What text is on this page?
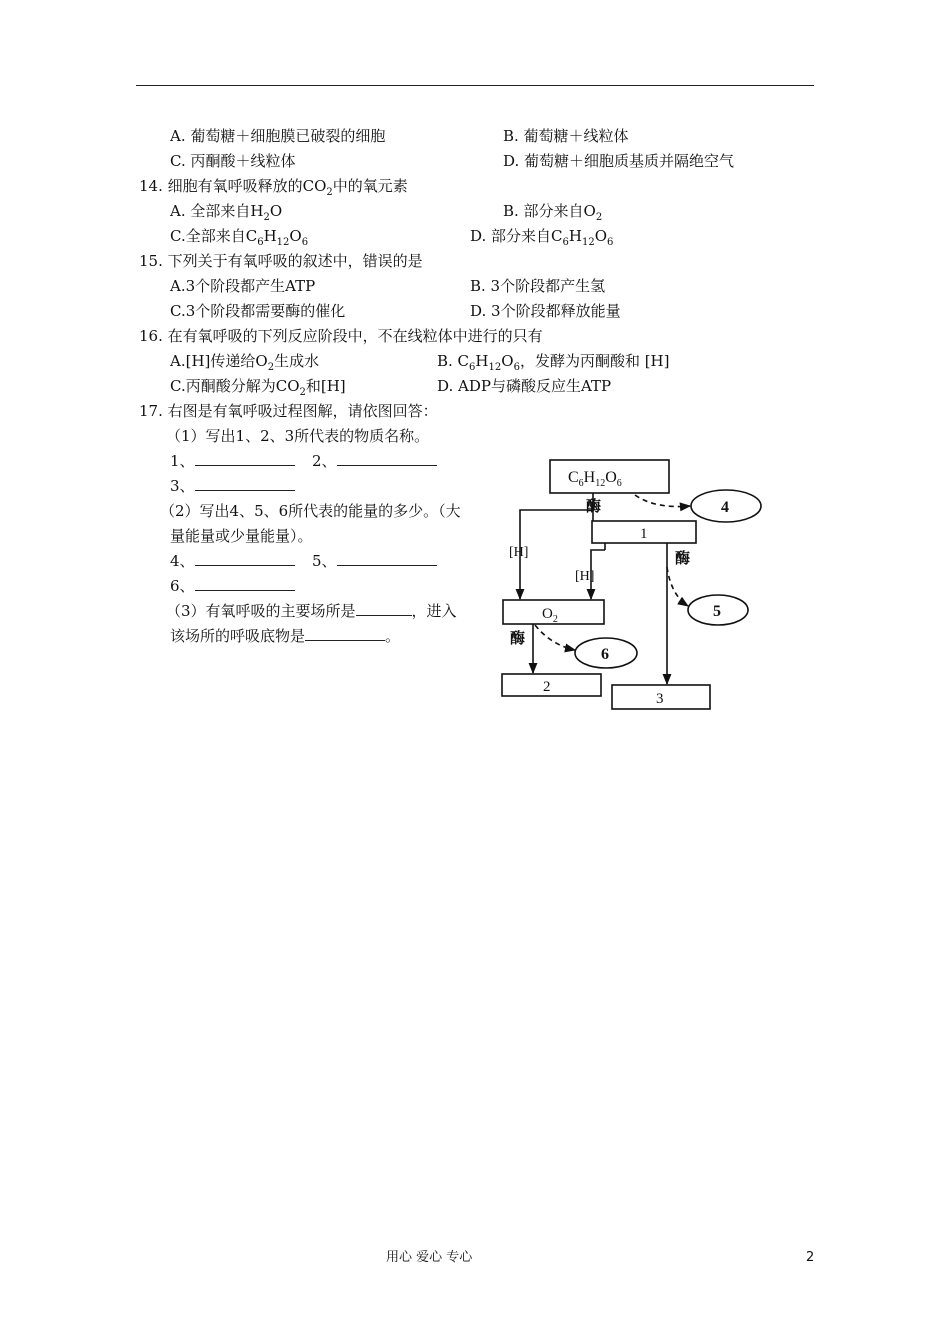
A. 葡萄糖＋细胞膜已破裂的细胞	B. 葡萄糖＋线粒体
C. 丙酮酸＋线粒体	D. 葡萄糖＋细胞质基质并隔绝空气
14. 细胞有氧呼吸释放的$CO_2$中的氧元素
A. 全部来自$H_2O$	B. 部分来自$O_2$
C.全部来自$C_6H_{12}O_6$	D. 部分来自$C_6H_{12}O_6$
15. 下列关于有氧呼吸的叙述中，错误的是
A.3个阶段都产生ATP	B. 3个阶段都产生氢
C.3个阶段都需要酶的催化	D. 3个阶段都释放能量
16. 在有氧呼吸的下列反应阶段中，不在线粒体中进行的只有
A.[H]传递给$O_2$生成水	B. $C_6H_{12}O_6$，发酵为丙酮酸和 [H]
C.丙酮酸分解为$CO_2$和[H]	D. ADP与磷酸反应生ATP
17. 右图是有氧呼吸过程图解，请依图回答：
（1）写出1、2、3所代表的物质名称。
1、	2、
3、
（2）写出4、5、6所代表的能量的多少。（大
量能量或少量能量）。
4、	5、
6、
（3）有氧呼吸的主要场所是	，进入
该场所的呼吸底物是	。
$C_6H_{12}O_6$
1
$O_2$
2
3
4
5
6
酶
酶
酶
[H]
[H]
用心 爱心 专心	2
